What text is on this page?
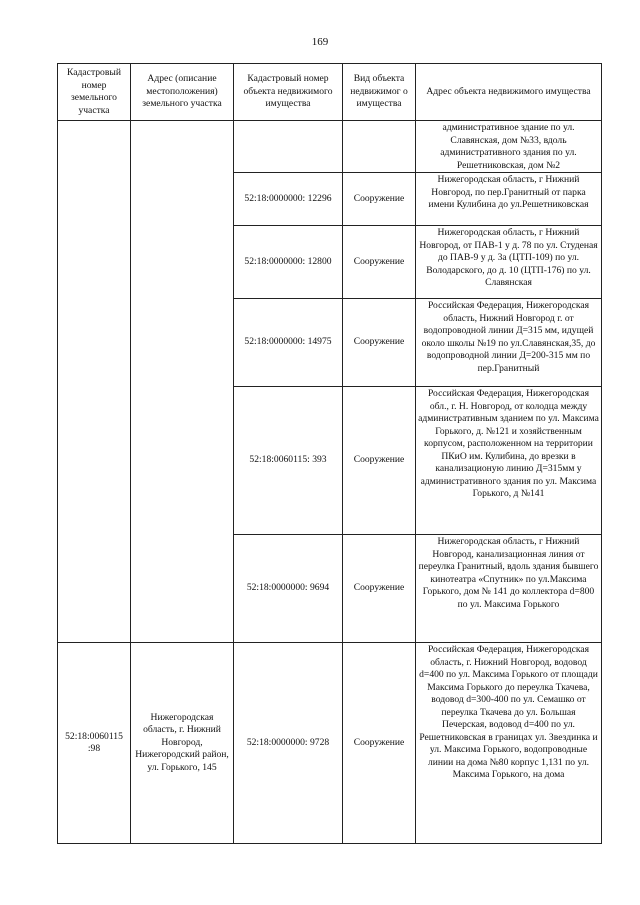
169
Кадастровый номер земельного участка	Адрес (описание местоположения) земельного участка	Кадастровый номер объекта недвижимого имущества	Вид объекта недвижимог о имущества	Адрес объекта недвижимого имущества
				административное здание по ул. Славянская, дом №33, вдоль административного здания по ул. Решетниковская, дом №2
		52:18:0000000: 12296	Сооружение	Нижегородская область, г Нижний Новгород, по пер.Гранитный от парка имени Кулибина до ул.Решетниковская
		52:18:0000000: 12800	Сооружение	Нижегородская область, г Нижний Новгород, от ПАВ-1 у д. 78 по ул. Студеная до ПАВ-9 у д. 3а (ЦТП-109) по ул. Володарского, до д. 10 (ЦТП-176) по ул. Славянская
		52:18:0000000: 14975	Сооружение	Российская Федерация, Нижегородская область, Нижний Новгород г. от водопроводной линии Д=315 мм, идущей около школы №19 по ул.Славянская,35, до водопроводной линии Д=200-315 мм по пер.Гранитный
		52:18:0060115: 393	Сооружение	Российская Федерация, Нижегородская обл., г. Н. Новгород, от колодца между административным зданием по ул. Максима Горького, д. №121 и хозяйственным корпусом, расположенном на территории ПКиО им. Кулибина, до врезки в канализационую линию Д=315мм у административного здания по ул. Максима Горького, д №141
		52:18:0000000: 9694	Сооружение	Нижегородская область, г Нижний Новгород, канализационная линия от переулка Гранитный, вдоль здания бывшего кинотеатра «Спутник» по ул.Максима Горького, дом № 141 до коллектора d=800 по ул. Максима Горького
52:18:0060115 :98	Нижегородская область, г. Нижний Новгород, Нижегородский район, ул. Горького, 145	52:18:0000000: 9728	Сооружение	Российская Федерация, Нижегородская область, г. Нижний Новгород, водовод d=400 по ул. Максима Горького от площади Максима Горького до переулка Ткачева, водовод d=300-400 по ул. Семашко от переулка Ткачева до ул. Большая Печерская, водовод d=400 по ул. Решетниковская в границах ул. Звездинка и ул. Максима Горького, водопроводные линии на дома №80 корпус 1,131 по ул. Максима Горького, на дома
